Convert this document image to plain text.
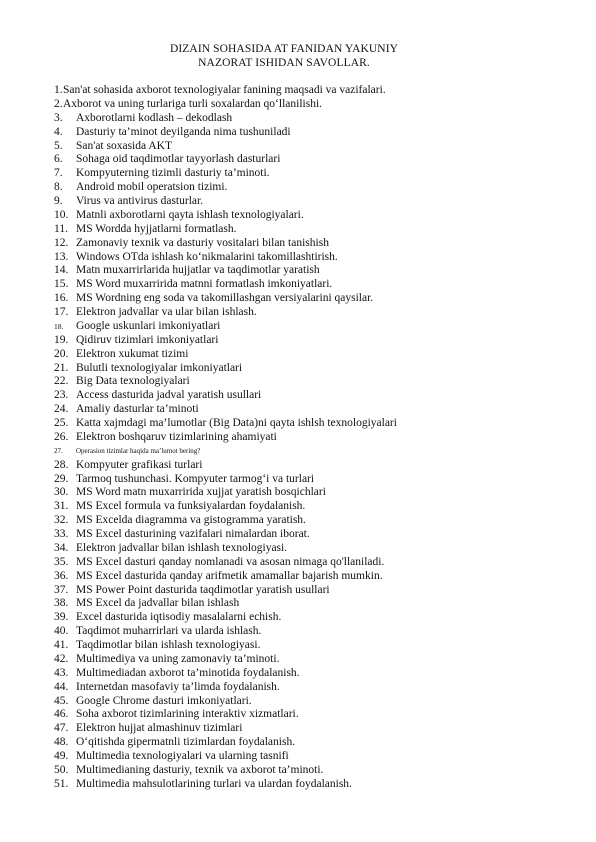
DIZAIN SOHASIDA AT FANIDAN YAKUNIY
NAZORAT ISHIDAN SAVOLLAR.
1.San'at sohasida axborot texnologiyalar fanining maqsadi va vazifalari.
2.Axborot va uning turlariga turli soxalardan qo‘llanilishi.
3. Axborotlarni kodlash – dekodlash
4. Dasturiy ta’minot deyilganda nima tushuniladi
5. San'at soxasida AKT
6. Sohaga oid taqdimotlar tayyorlash dasturlari
7. Kompyuterning tizimli dasturiy ta’minoti.
8. Android mobil operatsion tizimi.
9. Virus va antivirus dasturlar.
10. Matnli axborotlarni qayta ishlash texnologiyalari.
11. MS Wordda hyjjatlarni formatlash.
12. Zamonaviy texnik va dasturiy vositalari bilan tanishish
13. Windows OTda ishlash ko‘nikmalarini takomillashtirish.
14. Matn muxarrirlarida hujjatlar va taqdimotlar yaratish
15. MS Word muxarririda matnni formatlash imkoniyatlari.
16. MS Wordning eng soda va takomillashgan versiyalarini qaysilar.
17. Elektron jadvallar va ular bilan ishlash.
18. Google uskunlari imkoniyatlari
19. Qidiruv tizimlari imkoniyatlari
20. Elektron xukumat tizimi
21. Bulutli texnologiyalar imkoniyatlari
22. Big Data texnologiyalari
23. Access dasturida jadval yaratish usullari
24. Amaliy dasturlar ta’minoti
25. Katta xajmdagi ma’lumotlar (Big Data)ni qayta ishlsh texnologiyalari
26. Elektron boshqaruv tizimlarining ahamiyati
27. Operasion tizimlar haqida ma’lumot bering?
28. Kompyuter grafikasi turlari
29. Tarmoq tushunchasi. Kompyuter tarmog‘i va turlari
30. MS Word matn muxarririda xujjat yaratish bosqichlari
31. MS Excel formula va funksiyalardan foydalanish.
32. MS Excelda diagramma va gistogramma yaratish.
33. MS Excel dasturining vazifalari nimalardan iborat.
34. Elektron jadvallar bilan ishlash texnologiyasi.
35. MS Excel dasturi qanday nomlanadi va asosan nimaga qo'llaniladi.
36. MS Excel dasturida qanday arifmetik amamallar bajarish mumkin.
37. MS Power Point dasturida taqdimotlar yaratish usullari
38. MS Excel da jadvallar bilan ishlash
39. Excel dasturida iqtisodiy masalalarni echish.
40. Taqdimot muharrirlari va ularda ishlash.
41. Taqdimotlar bilan ishlash texnologiyasi.
42. Multimediya va uning zamonaviy ta’minoti.
43. Multimediadan axborot ta’minotida foydalanish.
44. Internetdan masofaviy ta’limda foydalanish.
45. Google Chrome dasturi imkoniyatlari.
46. Soha axborot tizimlarining interaktiv xizmatlari.
47. Elektron hujjat almashinuv tizimlari
48. O‘qitishda gipermatnli tizimlardan foydalanish.
49. Multimedia texnologiyalari va ularning tasnifi
50. Multimedianing dasturiy, texnik va axborot ta’minoti.
51. Multimedia mahsulotlarining turlari va ulardan foydalanish.
